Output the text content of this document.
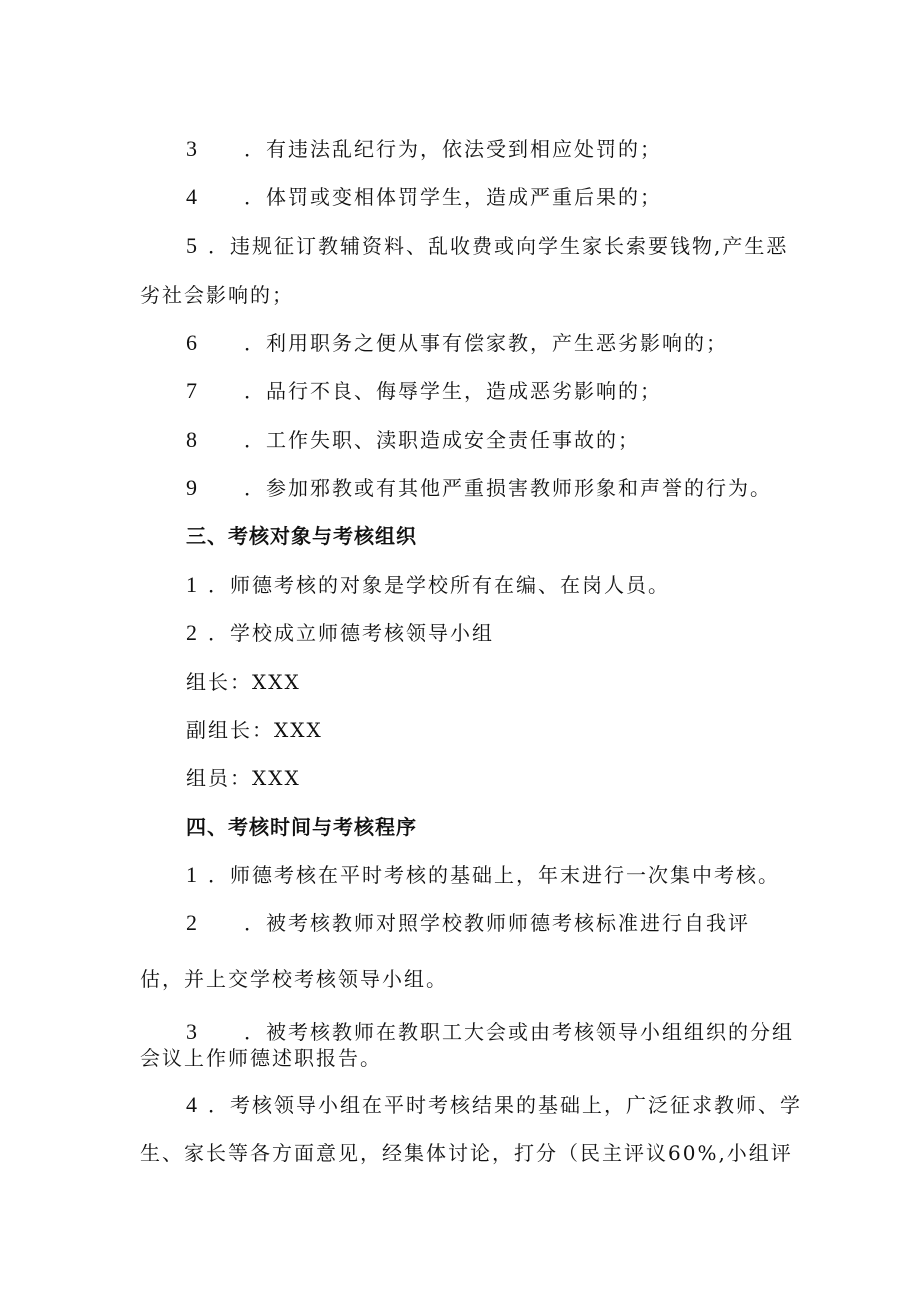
3 ．有违法乱纪行为，依法受到相应处罚的；
4 ．体罚或变相体罚学生，造成严重后果的；
5 ．违规征订教辅资料、乱收费或向学生家长索要钱物,产生恶
劣社会影响的；
6 ．利用职务之便从事有偿家教，产生恶劣影响的；
7 ．品行不良、侮辱学生，造成恶劣影响的；
8 ．工作失职、渎职造成安全责任事故的；
9 ．参加邪教或有其他严重损害教师形象和声誉的行为。
三、考核对象与考核组织
1 ．师德考核的对象是学校所有在编、在岗人员。
2 ．学校成立师德考核领导小组
组长：XXX
副组长：XXX
组员：XXX
四、考核时间与考核程序
1 ．师德考核在平时考核的基础上，年末进行一次集中考核。
2 ．被考核教师对照学校教师师德考核标准进行自我评
估，并上交学校考核领导小组。
3 ．被考核教师在教职工大会或由考核领导小组组织的分组
会议上作师德述职报告。
4 ．考核领导小组在平时考核结果的基础上，广泛征求教师、学
生、家长等各方面意见，经集体讨论，打分（民主评议60%,小组评
